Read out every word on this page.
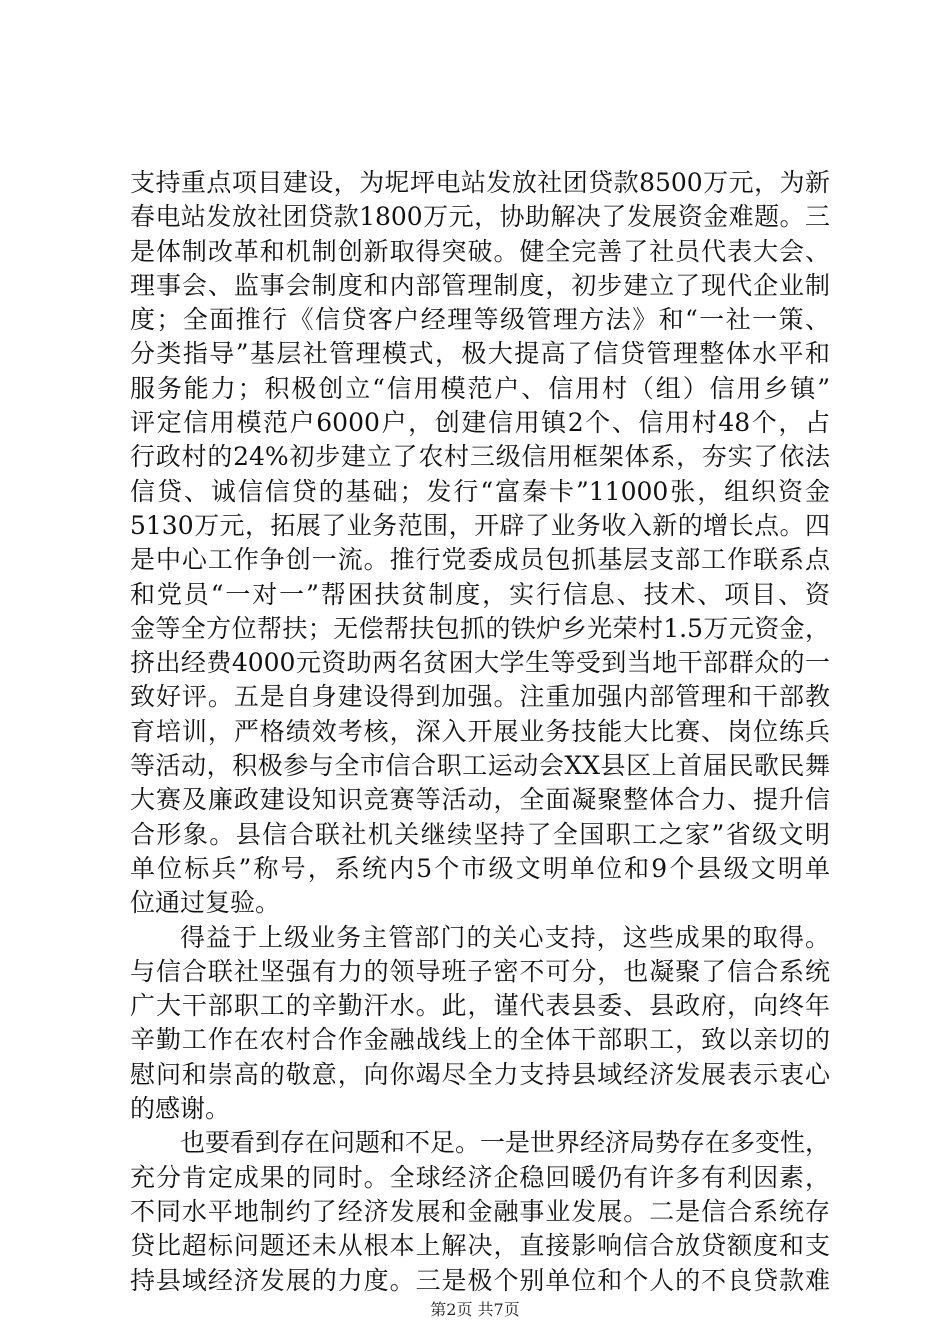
支持重点项目建设，为坭坪电站发放社团贷款8500万元，为新
春电站发放社团贷款1800万元，协助解决了发展资金难题。三
是体制改革和机制创新取得突破。健全完善了社员代表大会、
理事会、监事会制度和内部管理制度，初步建立了现代企业制
度；全面推行《信贷客户经理等级管理方法》和“一社一策、
分类指导”基层社管理模式，极大提高了信贷管理整体水平和
服务能力；积极创立“信用模范户、信用村（组）信用乡镇”
评定信用模范户6000户，创建信用镇2个、信用村48个，占
行政村的24%初步建立了农村三级信用框架体系，夯实了依法
信贷、诚信信贷的基础；发行“富秦卡”11000张，组织资金
5130万元，拓展了业务范围，开辟了业务收入新的增长点。四
是中心工作争创一流。推行党委成员包抓基层支部工作联系点
和党员“一对一”帮困扶贫制度，实行信息、技术、项目、资
金等全方位帮扶；无偿帮扶包抓的铁炉乡光荣村1.5万元资金，
挤出经费4000元资助两名贫困大学生等受到当地干部群众的一
致好评。五是自身建设得到加强。注重加强内部管理和干部教
育培训，严格绩效考核，深入开展业务技能大比赛、岗位练兵
等活动，积极参与全市信合职工运动会XX县区上首届民歌民舞
大赛及廉政建设知识竞赛等活动，全面凝聚整体合力、提升信
合形象。县信合联社机关继续坚持了全国职工之家”省级文明
单位标兵”称号，系统内5个市级文明单位和9个县级文明单
位通过复验。
得益于上级业务主管部门的关心支持，这些成果的取得。
与信合联社坚强有力的领导班子密不可分，也凝聚了信合系统
广大干部职工的辛勤汗水。此，谨代表县委、县政府，向终年
辛勤工作在农村合作金融战线上的全体干部职工，致以亲切的
慰问和崇高的敬意，向你竭尽全力支持县域经济发展表示衷心
的感谢。
也要看到存在问题和不足。一是世界经济局势存在多变性，
充分肯定成果的同时。全球经济企稳回暖仍有许多有利因素，
不同水平地制约了经济发展和金融事业发展。二是信合系统存
贷比超标问题还未从根本上解决，直接影响信合放贷额度和支
持县域经济发展的力度。三是极个别单位和个人的不良贷款难
第2页 共7页
